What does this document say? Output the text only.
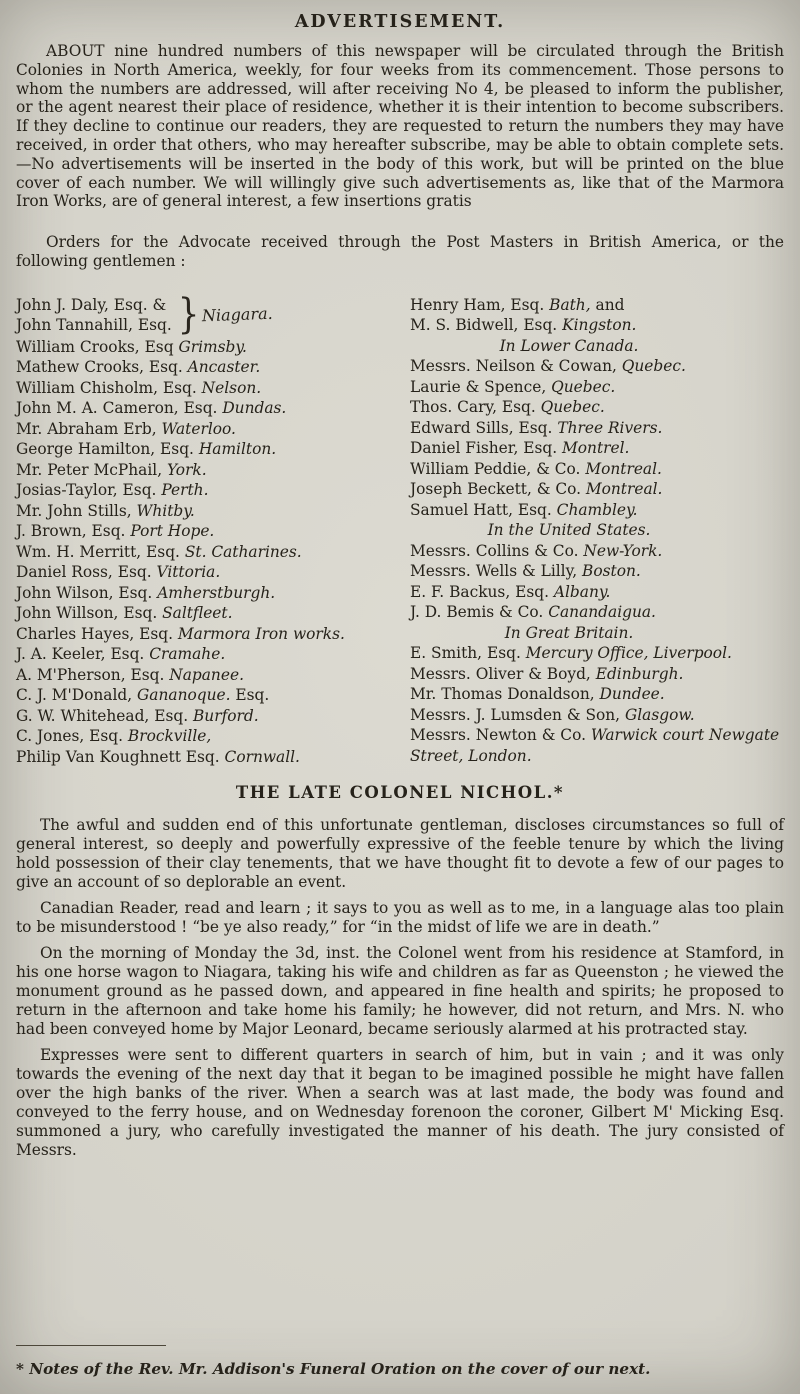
ADVERTISEMENT.

ABOUT nine hundred numbers of this newspaper will be circulated through the British Colonies in North America, weekly, for four weeks from its commencement. Those persons to whom the numbers are addressed, will after receiving No 4, be pleased to inform the publisher, or the agent nearest their place of residence, whether it is their intention to become subscribers. If they decline to continue our readers, they are requested to return the numbers they may have received, in order that others, who may hereafter subscribe, may be able to obtain complete sets.—No advertisements will be inserted in the body of this work, but will be printed on the blue cover of each number. We will willingly give such advertisements as, like that of the Marmora Iron Works, are of general interest, a few insertions gratis

Orders for the Advocate received through the Post Masters in British America, or the following gentlemen :

John J. Daly, Esq. &
John Tannahill, Esq. } Niagara.
William Crooks, Esq Grimsby.
Mathew Crooks, Esq. Ancaster.
William Chisholm, Esq. Nelson.
John M. A. Cameron, Esq. Dundas.
Mr. Abraham Erb, Waterloo.
George Hamilton, Esq. Hamilton.
Mr. Peter McPhail, York.
Josias-Taylor, Esq. Perth.
Mr. John Stills, Whitby.
J. Brown, Esq. Port Hope.
Wm. H. Merritt, Esq. St. Catharines.
Daniel Ross, Esq. Vittoria.
John Wilson, Esq. Amherstburgh.
John Willson, Esq. Saltfleet.
Charles Hayes, Esq. Marmora Iron works.
J. A. Keeler, Esq. Cramahe.
A. M'Pherson, Esq. Napanee.
C. J. M'Donald, Gananoque. Esq.
G. W. Whitehead, Esq. Burford.
C. Jones, Esq. Brockville,
Philip Van Koughnett Esq. Cornwall.
Henry Ham, Esq. Bath, and
M. S. Bidwell, Esq. Kingston.
In Lower Canada.
Messrs. Neilson & Cowan, Quebec.
Laurie & Spence, Quebec.
Thos. Cary, Esq. Quebec.
Edward Sills, Esq. Three Rivers.
Daniel Fisher, Esq. Montrel.
William Peddie, & Co. Montreal.
Joseph Beckett, & Co. Montreal.
Samuel Hatt, Esq. Chambley.
In the United States.
Messrs. Collins & Co. New-York.
Messrs. Wells & Lilly, Boston.
E. F. Backus, Esq. Albany.
J. D. Bemis & Co. Canandaigua.
In Great Britain.
E. Smith, Esq. Mercury Office, Liverpool.
Messrs. Oliver & Boyd, Edinburgh.
Mr. Thomas Donaldson, Dundee.
Messrs. J. Lumsden & Son, Glasgow.
Messrs. Newton & Co. Warwick court Newgate Street, London.
THE LATE COLONEL NICHOL.*

The awful and sudden end of this unfortunate gentleman, discloses circumstances so full of general interest, so deeply and powerfully expressive of the feeble tenure by which the living hold possession of their clay tenements, that we have thought fit to devote a few of our pages to give an account of so deplorable an event.

Canadian Reader, read and learn ; it says to you as well as to me, in a language alas too plain to be misunderstood ! “be ye also ready,” for “in the midst of life we are in death.”

On the morning of Monday the 3d, inst. the Colonel went from his residence at Stamford, in his one horse wagon to Niagara, taking his wife and children as far as Queenston ; he viewed the monument ground as he passed down, and appeared in fine health and spirits; he proposed to return in the afternoon and take home his family; he however, did not return, and Mrs. N. who had been conveyed home by Major Leonard, became seriously alarmed at his protracted stay.

Expresses were sent to different quarters in search of him, but in vain ; and it was only towards the evening of the next day that it began to be imagined possible he might have fallen over the high banks of the river. When a search was at last made, the body was found and conveyed to the ferry house, and on Wednesday forenoon the coroner, Gilbert M' Micking Esq. summoned a jury, who carefully investigated the manner of his death. The jury consisted of Messrs.

* Notes of the Rev. Mr. Addison's Funeral Oration on the cover of our next.
